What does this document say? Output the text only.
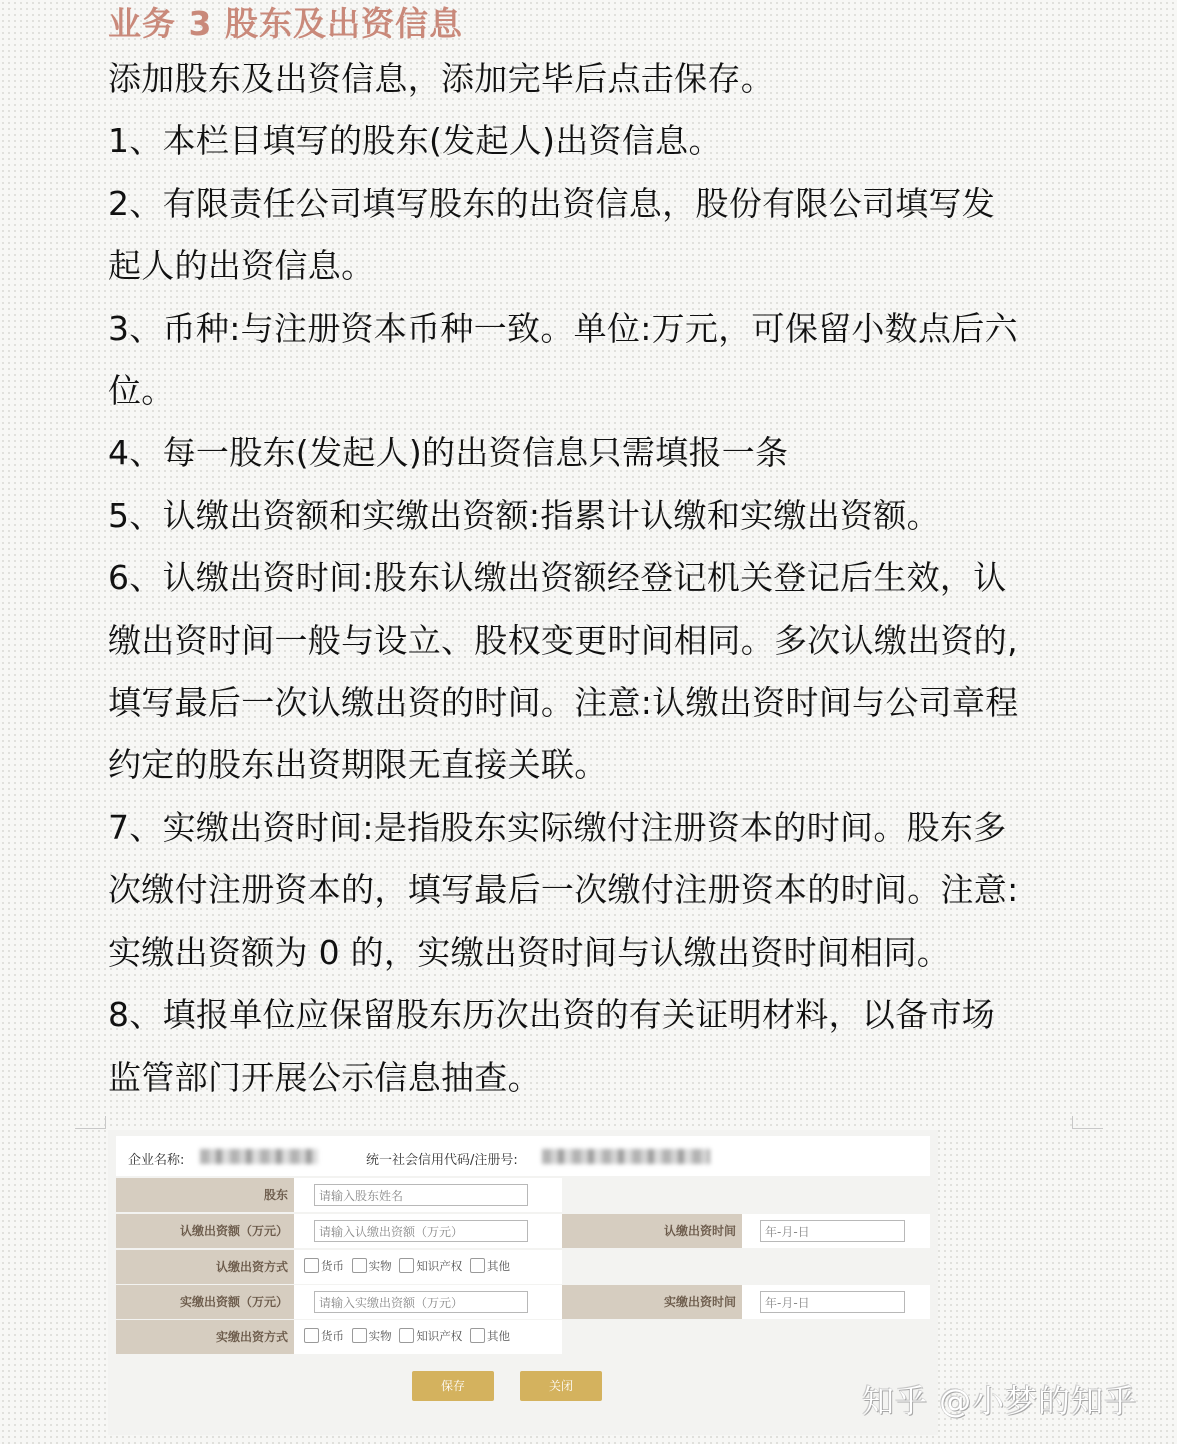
业务 3 股东及出资信息
添加股东及出资信息，添加完毕后点击保存。
1、本栏目填写的股东(发起人)出资信息。
2、有限责任公司填写股东的出资信息，股份有限公司填写发
起人的出资信息。
3、币种:与注册资本币种一致。单位:万元，可保留小数点后六
位。
4、每一股东(发起人)的出资信息只需填报一条
5、认缴出资额和实缴出资额:指累计认缴和实缴出资额。
6、认缴出资时间:股东认缴出资额经登记机关登记后生效，认
缴出资时间一般与设立、股权变更时间相同。多次认缴出资的,
填写最后一次认缴出资的时间。注意:认缴出资时间与公司章程
约定的股东出资期限无直接关联。
7、实缴出资时间:是指股东实际缴付注册资本的时间。股东多
次缴付注册资本的，填写最后一次缴付注册资本的时间。注意:
实缴出资额为 0 的，实缴出资时间与认缴出资时间相同。
8、填报单位应保留股东历次出资的有关证明材料，以备市场
监管部门开展公示信息抽查。
企业名称:	统一社会信用代码/注册号:
股东	请输入股东姓名
认缴出资额（万元）	请输入认缴出资额（万元）	认缴出资时间	年-月-日
认缴出资方式	货币 实物 知识产权 其他
实缴出资额（万元）	请输入实缴出资额（万元）	实缴出资时间	年-月-日
实缴出资方式	货币 实物 知识产权 其他
保存	关闭	知乎 @小梦的知乎
